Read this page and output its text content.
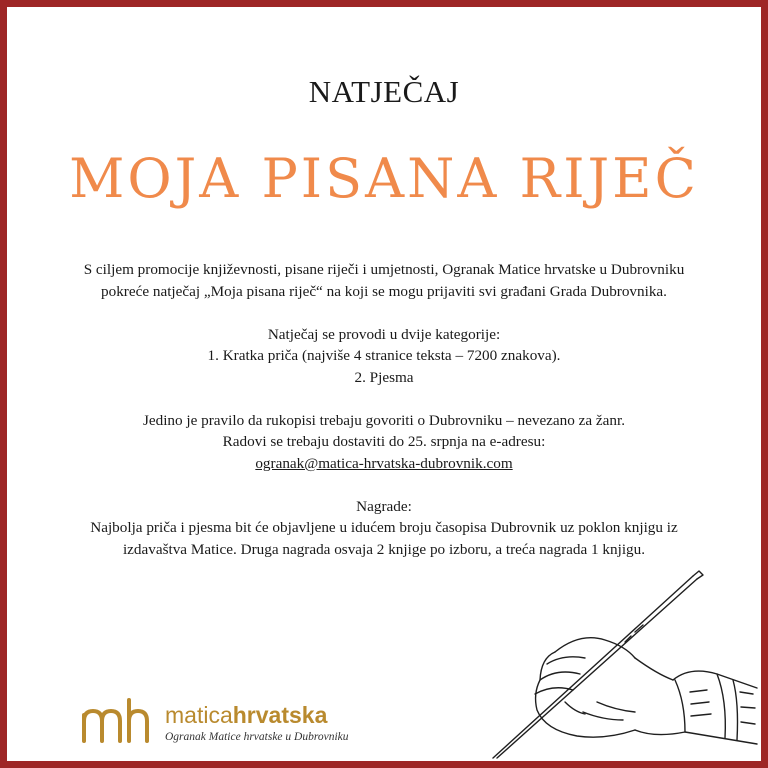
NATJEČAJ
MOJA PISANA RIJEČ

S ciljem promocije književnosti, pisane riječi i umjetnosti, Ogranak Matice hrvatske u Dubrovniku pokreće natječaj „Moja pisana riječ“ na koji se mogu prijaviti svi građani Grada Dubrovnika.

Natječaj se provodi u dvije kategorije:

1. Kratka priča (najviše 4 stranice teksta – 7200 znakova).

2. Pjesma

Jedino je pravilo da rukopisi trebaju govoriti o Dubrovniku – nevezano za žanr.

Radovi se trebaju dostaviti do 25. srpnja na e-adresu:

ogranak@matica-hrvatska-dubrovnik.com

Nagrade:

Najbolja priča i pjesma bit će objavljene u idućem broju časopisa Dubrovnik uz poklon knjigu iz izdavaštva Matice. Druga nagrada osvaja 2 knjige po izboru, a treća nagrada 1 knjigu.

maticahrvatska
Ogranak Matice hrvatske u Dubrovniku
